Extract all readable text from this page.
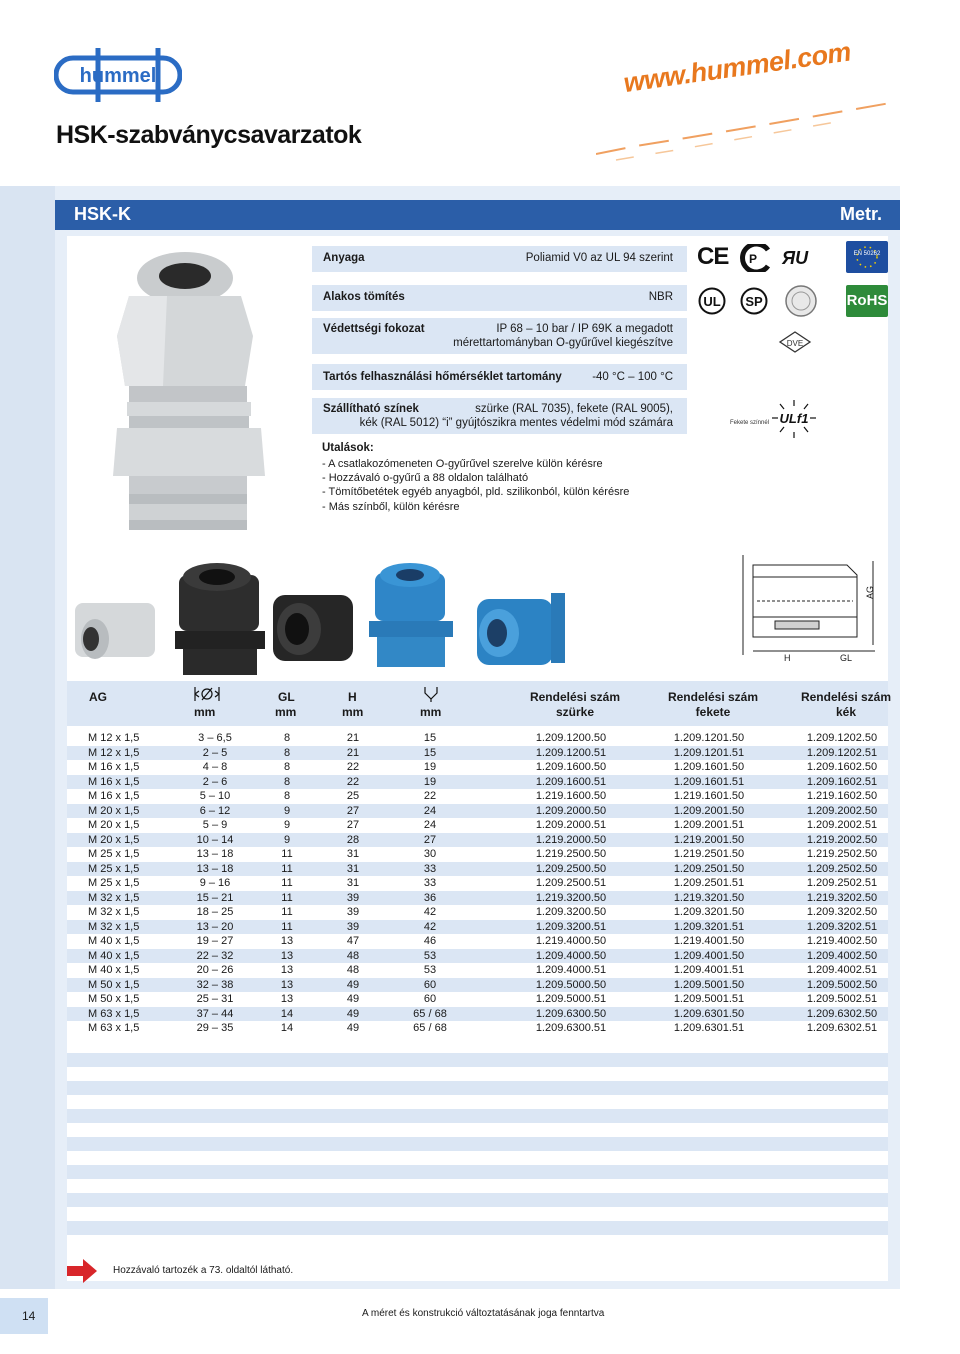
hummel
HSK-szabványcsavarzatok
www.hummel.com
HSK-K	Metr.
Anyaga	Poliamid V0 az UL 94 szerint
Alakos tömítés	NBR
Védettségi fokozat	IP 68 – 10 bar / IP 69K a megadott
mérettartományban O-gyűrűvel kiegészítve
Tartós felhasználási hőmérséklet tartomány	-40 °C – 100 °C
Szállítható színek	szürke (RAL 7035), fekete (RAL 9005),
kék (RAL 5012) “i” gyújtószikra mentes védelmi mód számára
Utalások:
- A csatlakozómeneten O-gyűrűvel szerelve külön kérésre
- Hozzávaló o-gyűrű a 88 oldalon található
- Tömítőbetétek egyéb anyagból, pld. szilikonból, külön kérésre
- Más színből, külön kérésre
CE P ЯU	EN 50262
UL SP	RoHS
DVE
Fekete színnél ULf1
H	GL
AG
AG
mm
GL
mm
H
mm	mm
Rendelési szám
szürke
Rendelési szám
fekete
Rendelési szám
kék
M 12 x 1,5	3 – 6,5	8	21	15	1.209.1200.50	1.209.1201.50	1.209.1202.50
M 12 x 1,5	2 – 5	8	21	15	1.209.1200.51	1.209.1201.51	1.209.1202.51
M 16 x 1,5	4 – 8	8	22	19	1.209.1600.50	1.209.1601.50	1.209.1602.50
M 16 x 1,5	2 – 6	8	22	19	1.209.1600.51	1.209.1601.51	1.209.1602.51
M 16 x 1,5	5 – 10	8	25	22	1.219.1600.50	1.219.1601.50	1.219.1602.50
M 20 x 1,5	6 – 12	9	27	24	1.209.2000.50	1.209.2001.50	1.209.2002.50
M 20 x 1,5	5 – 9	9	27	24	1.209.2000.51	1.209.2001.51	1.209.2002.51
M 20 x 1,5	10 – 14	9	28	27	1.219.2000.50	1.219.2001.50	1.219.2002.50
M 25 x 1,5	13 – 18	11	31	30	1.219.2500.50	1.219.2501.50	1.219.2502.50
M 25 x 1,5	13 – 18	11	31	33	1.209.2500.50	1.209.2501.50	1.209.2502.50
M 25 x 1,5	9 – 16	11	31	33	1.209.2500.51	1.209.2501.51	1.209.2502.51
M 32 x 1,5	15 – 21	11	39	36	1.219.3200.50	1.219.3201.50	1.219.3202.50
M 32 x 1,5	18 – 25	11	39	42	1.209.3200.50	1.209.3201.50	1.209.3202.50
M 32 x 1,5	13 – 20	11	39	42	1.209.3200.51	1.209.3201.51	1.209.3202.51
M 40 x 1,5	19 – 27	13	47	46	1.219.4000.50	1.219.4001.50	1.219.4002.50
M 40 x 1,5	22 – 32	13	48	53	1.209.4000.50	1.209.4001.50	1.209.4002.50
M 40 x 1,5	20 – 26	13	48	53	1.209.4000.51	1.209.4001.51	1.209.4002.51
M 50 x 1,5	32 – 38	13	49	60	1.209.5000.50	1.209.5001.50	1.209.5002.50
M 50 x 1,5	25 – 31	13	49	60	1.209.5000.51	1.209.5001.51	1.209.5002.51
M 63 x 1,5	37 – 44	14	49	65 / 68	1.209.6300.50	1.209.6301.50	1.209.6302.50
M 63 x 1,5	29 – 35	14	49	65 / 68	1.209.6300.51	1.209.6301.51	1.209.6302.51
Hozzávaló tartozék a 73. oldaltól látható.
14	A méret és konstrukció változtatásának joga fenntartva
